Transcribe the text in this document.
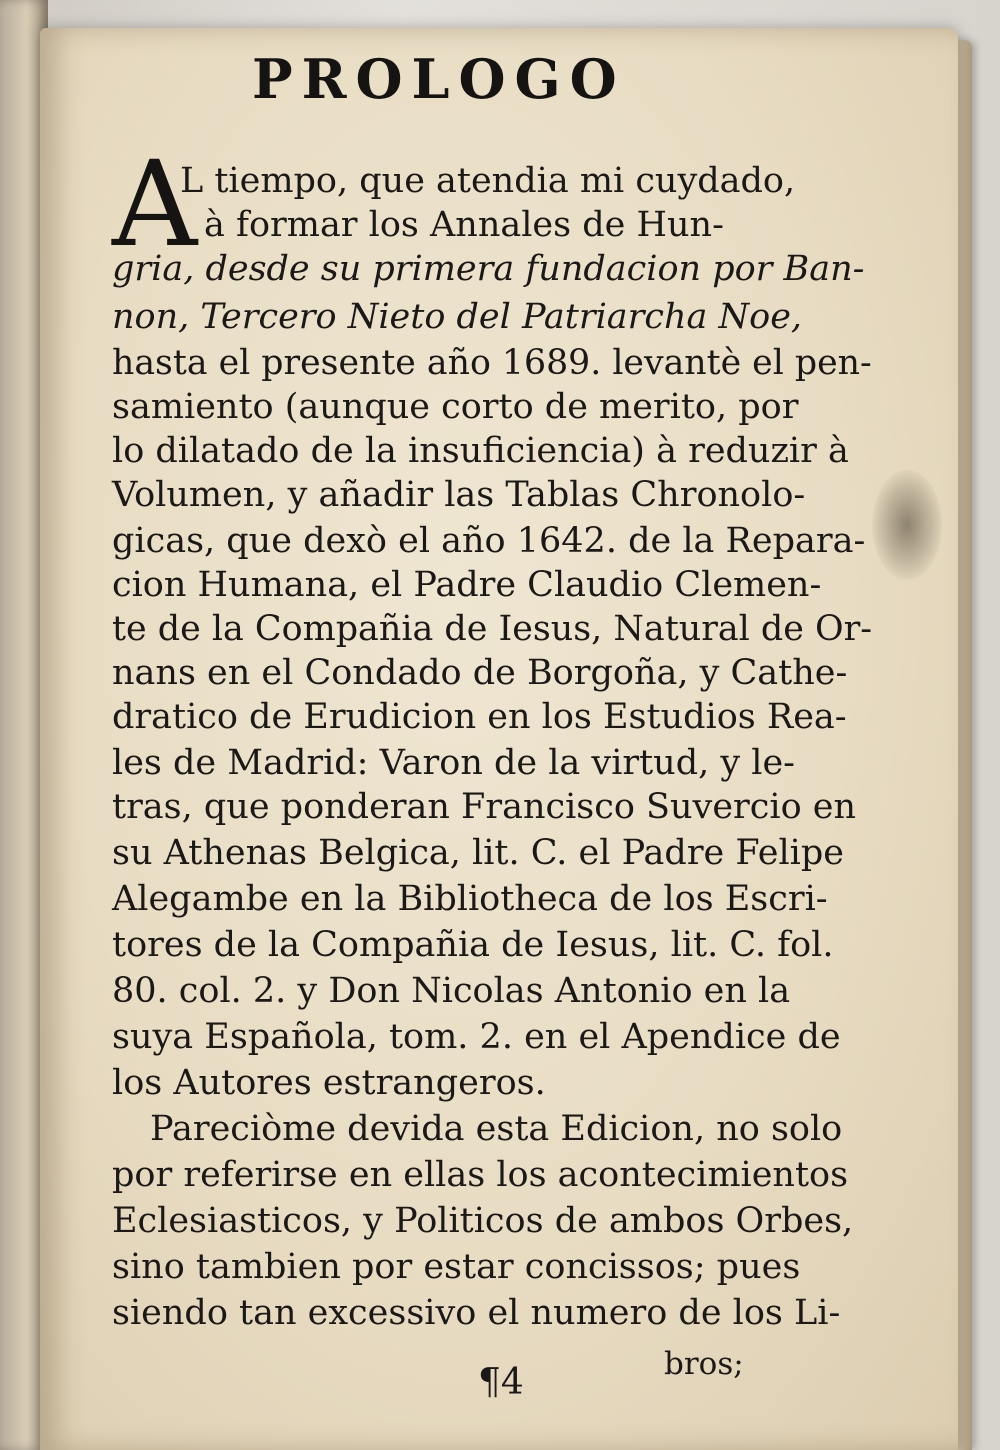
PROLOGO
A
L tiempo, que atendia mi cuydado,
à formar los Annales de Hun-
gria, desde su primera fundacion por Ban-
non, Tercero Nieto del Patriarcha Noe,
hasta el presente año 1689. levantè el pen-
samiento (aunque corto de merito, por
lo dilatado de la insuficiencia) à reduzir à
Volumen, y añadir las Tablas Chronolo-
gicas, que dexò el año 1642. de la Repara-
cion Humana, el Padre Claudio Clemen-
te de la Compañia de Iesus, Natural de Or-
nans en el Condado de Borgoña, y Cathe-
dratico de Erudicion en los Estudios Rea-
les de Madrid: Varon de la virtud, y le-
tras, que ponderan Francisco Suvercio en
su Athenas Belgica, lit. C. el Padre Felipe
Alegambe en la Bibliotheca de los Escri-
tores de la Compañia de Iesus, lit. C. fol.
80. col. 2. y Don Nicolas Antonio en la
suya Española, tom. 2. en el Apendice de
los Autores estrangeros.
Pareciòme devida esta Edicion, no solo
por referirse en ellas los acontecimientos
Eclesiasticos, y Politicos de ambos Orbes,
sino tambien por estar concissos; pues
siendo tan excessivo el numero de los Li-
¶4	bros;
